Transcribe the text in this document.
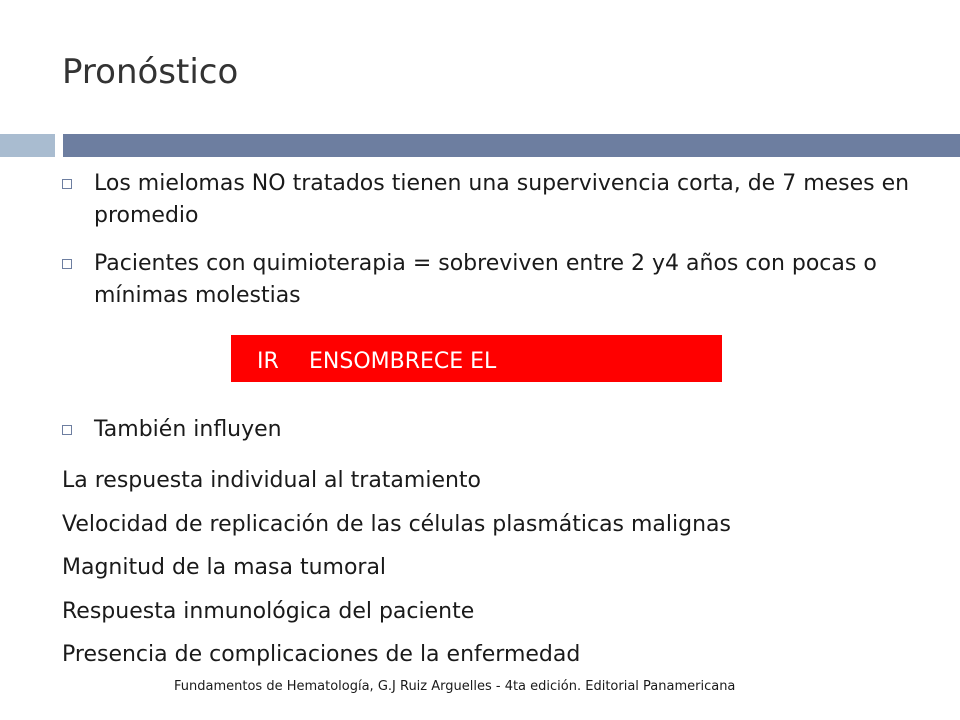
Pronóstico
Los mielomas NO tratados tienen una supervivencia corta, de 7 meses en promedio
Pacientes con quimioterapia = sobreviven entre 2 y4 años con pocas o mínimas molestias
IR ENSOMBRECE EL
También influyen
La respuesta individual al tratamiento
Velocidad de replicación de las células plasmáticas malignas
Magnitud de la masa tumoral
Respuesta inmunológica del paciente
Presencia de complicaciones de la enfermedad
Fundamentos de Hematología, G.J Ruiz Arguelles - 4ta edición. Editorial Panamericana
